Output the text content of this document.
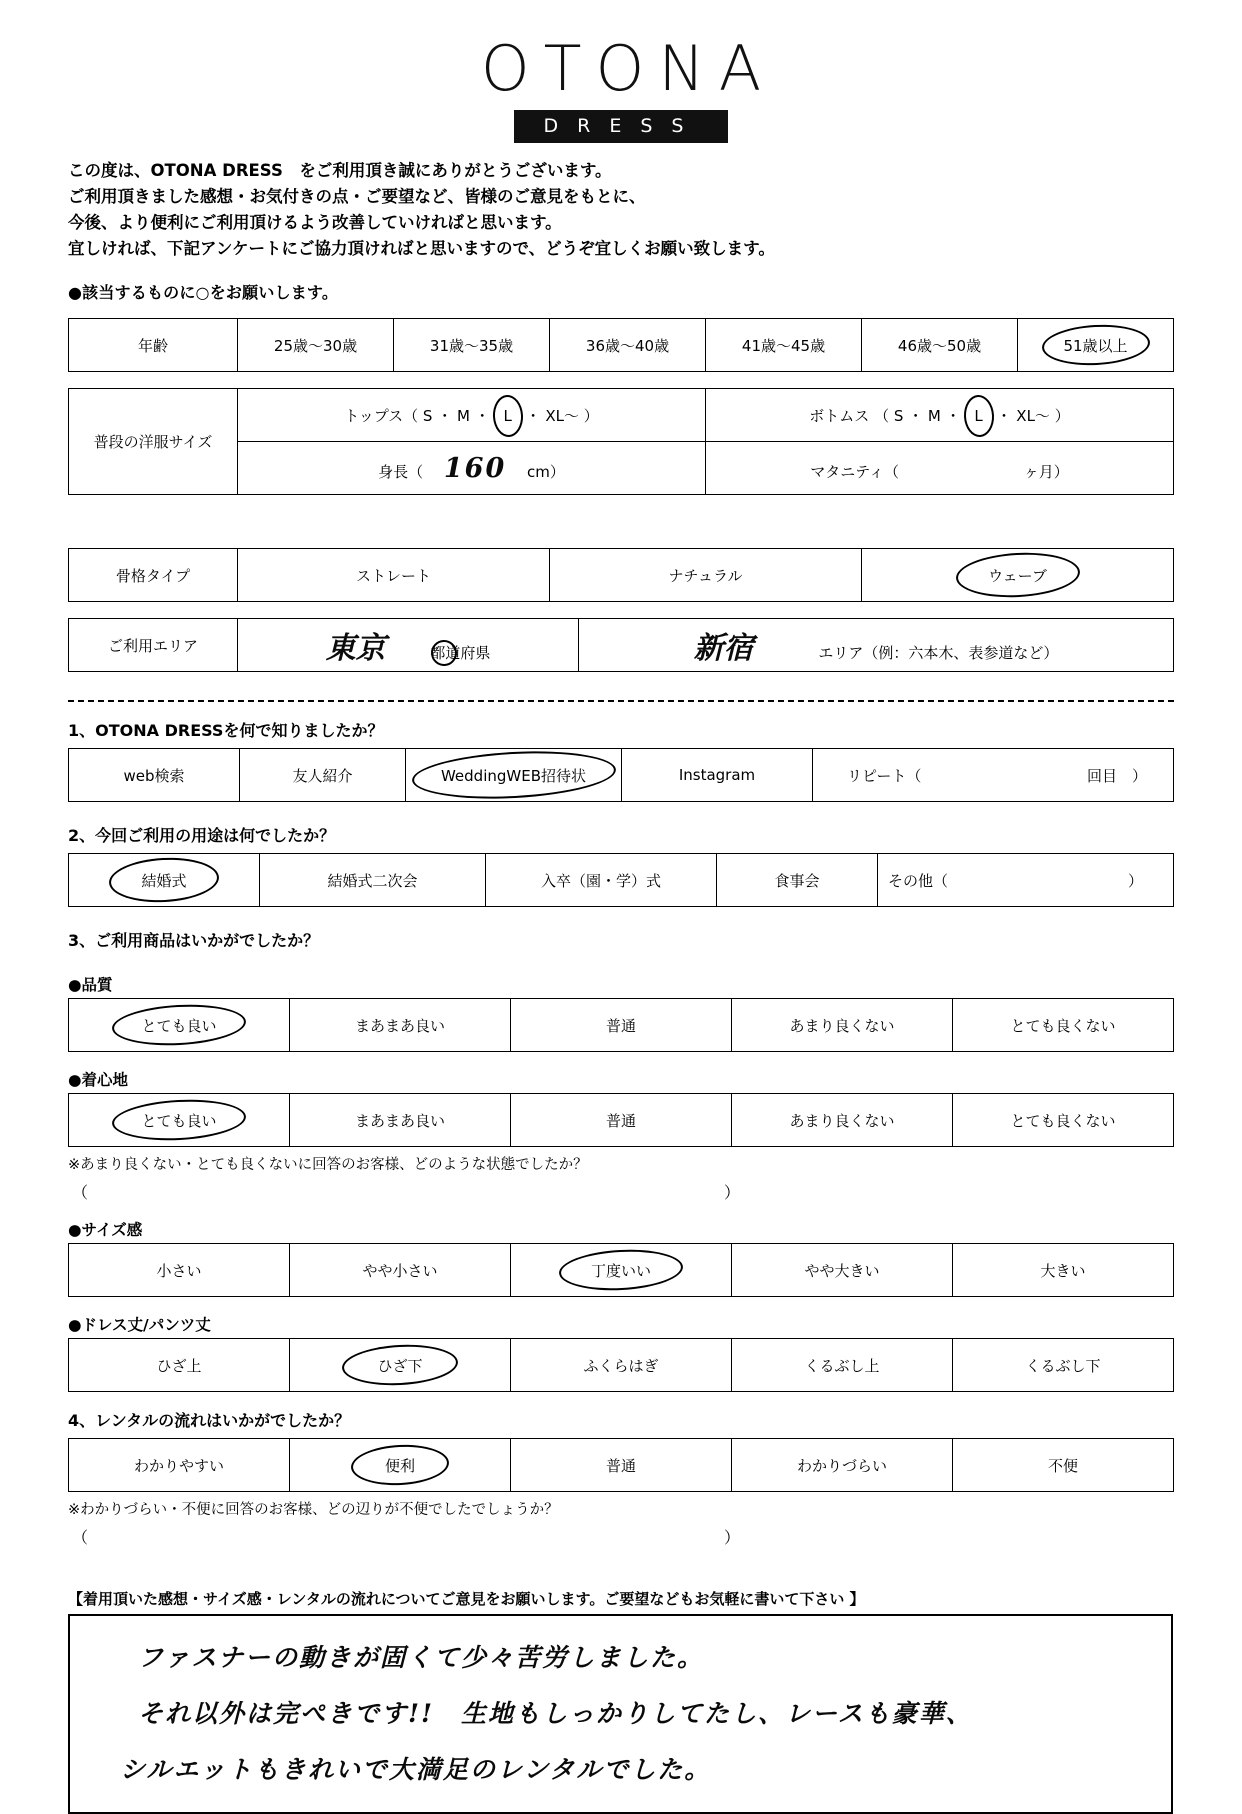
OTONA
DRESS
この度は、OTONA DRESS　をご利用頂き誠にありがとうございます。
ご利用頂きました感想・お気付きの点・ご要望など、皆様のご意見をもとに、
今後、より便利にご利用頂けるよう改善していければと思います。
宜しければ、下記アンケートにご協力頂ければと思いますので、どうぞ宜しくお願い致します。
●該当するものに○をお願いします。
年齢	25歳〜30歳	31歳〜35歳	36歳〜40歳	41歳〜45歳	46歳〜50歳	51歳以上
普段の洋服サイズ	トップス（ S ・ M ・ L ・ XL〜 ）	ボトムス （ S ・ M ・ L ・ XL〜 ）
	身長（ 160 cm）	マタニティ（ ヶ月）
骨格タイプ	ストレート	ナチュラル	ウェーブ
ご利用エリア	東京	都道府県	新宿	エリア（例：六本木、表参道など）
1、OTONA DRESSを何で知りましたか？
web検索	友人紹介	WeddingWEB招待状	Instagram	リピート（	回目　）
2、今回ご利用の用途は何でしたか？
結婚式	結婚式二次会	入卒（園・学）式	食事会	その他（	）
3、ご利用商品はいかがでしたか？
●品質
とても良い	まあまあ良い	普通	あまり良くない	とても良くない
●着心地
とても良い	まあまあ良い	普通	あまり良くない	とても良くない
※あまり良くない・とても良くないに回答のお客様、どのような状態でしたか？
（	）
●サイズ感
小さい	やや小さい	丁度いい	やや大きい	大きい
●ドレス丈/パンツ丈
ひざ上	ひざ下	ふくらはぎ	くるぶし上	くるぶし下
4、レンタルの流れはいかがでしたか？
わかりやすい	便利	普通	わかりづらい	不便
※わかりづらい・不便に回答のお客様、どの辺りが不便でしたでしょうか？
（	）
【着用頂いた感想・サイズ感・レンタルの流れについてご意見をお願いします。ご要望などもお気軽に書いて下さい 】
ファスナーの動きが固くて少々苦労しました。
それ以外は完ぺきです!!　生地もしっかりしてたし、レースも豪華、
シルエットもきれいで大満足のレンタルでした。
